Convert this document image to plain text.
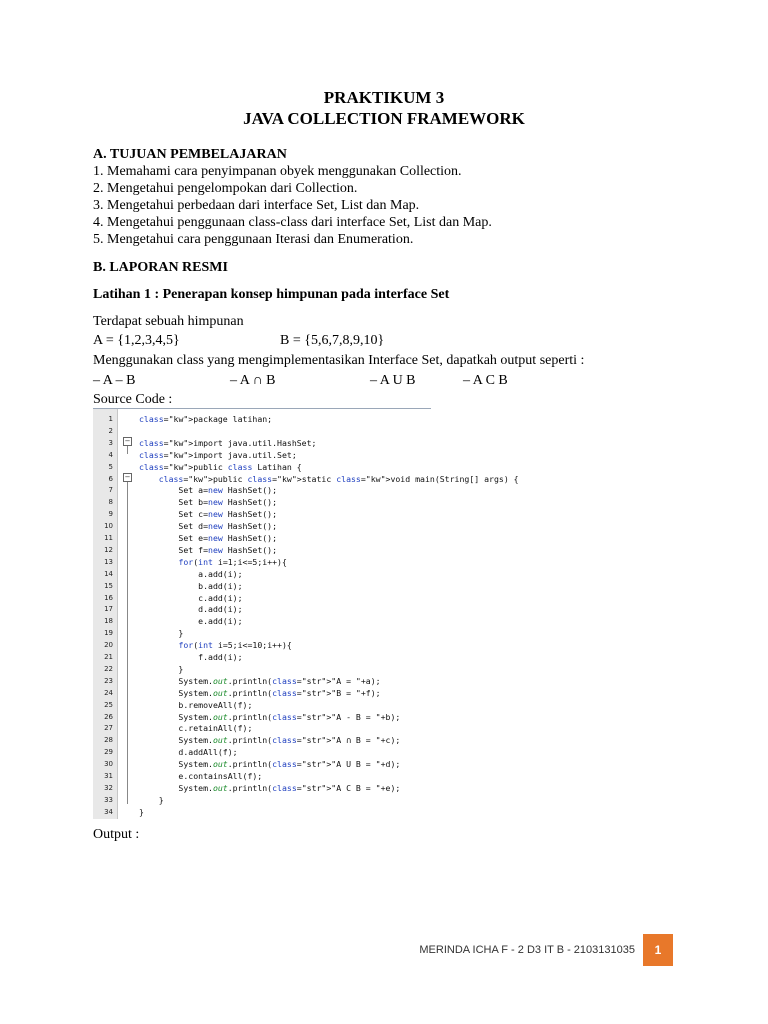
PRAKTIKUM 3
JAVA COLLECTION FRAMEWORK
A. TUJUAN PEMBELAJARAN
1. Memahami cara penyimpanan obyek menggunakan Collection.
2. Mengetahui pengelompokan dari Collection.
3. Mengetahui perbedaan dari interface Set, List dan Map.
4. Mengetahui penggunaan class-class dari interface Set, List dan Map.
5. Mengetahui cara penggunaan Iterasi dan Enumeration.
B. LAPORAN RESMI
Latihan 1 : Penerapan konsep himpunan pada interface Set
Terdapat sebuah himpunan
A = {1,2,3,4,5}	B = {5,6,7,8,9,10}
Menggunakan class yang mengimplementasikan Interface Set, dapatkah output seperti :
– A – B	– A ∩ B	– A U B	– A C B
Source Code :
−
−
1	class="kw">package latihan;
2
3	class="kw">import java.util.HashSet;
4	class="kw">import java.util.Set;
5	class="kw">public class Latihan {
6	class="kw">public class="kw">static class="kw">void main(String[] args) {
7	Set a=new HashSet();
8	Set b=new HashSet();
9	Set c=new HashSet();
10	Set d=new HashSet();
11	Set e=new HashSet();
12	Set f=new HashSet();
13	for(int i=1;i<=5;i++){
14	a.add(i);
15	b.add(i);
16	c.add(i);
17	d.add(i);
18	e.add(i);
19	}
20	for(int i=5;i<=10;i++){
21	f.add(i);
22	}
23	System.out.println(class="str">"A = "+a);
24	System.out.println(class="str">"B = "+f);
25	b.removeAll(f);
26	System.out.println(class="str">"A - B = "+b);
27	c.retainAll(f);
28	System.out.println(class="str">"A ∩ B = "+c);
29	d.addAll(f);
30	System.out.println(class="str">"A U B = "+d);
31	e.containsAll(f);
32	System.out.println(class="str">"A C B = "+e);
33	}
34	}
Output :
MERINDA ICHA F - 2 D3 IT B - 2103131035	1
